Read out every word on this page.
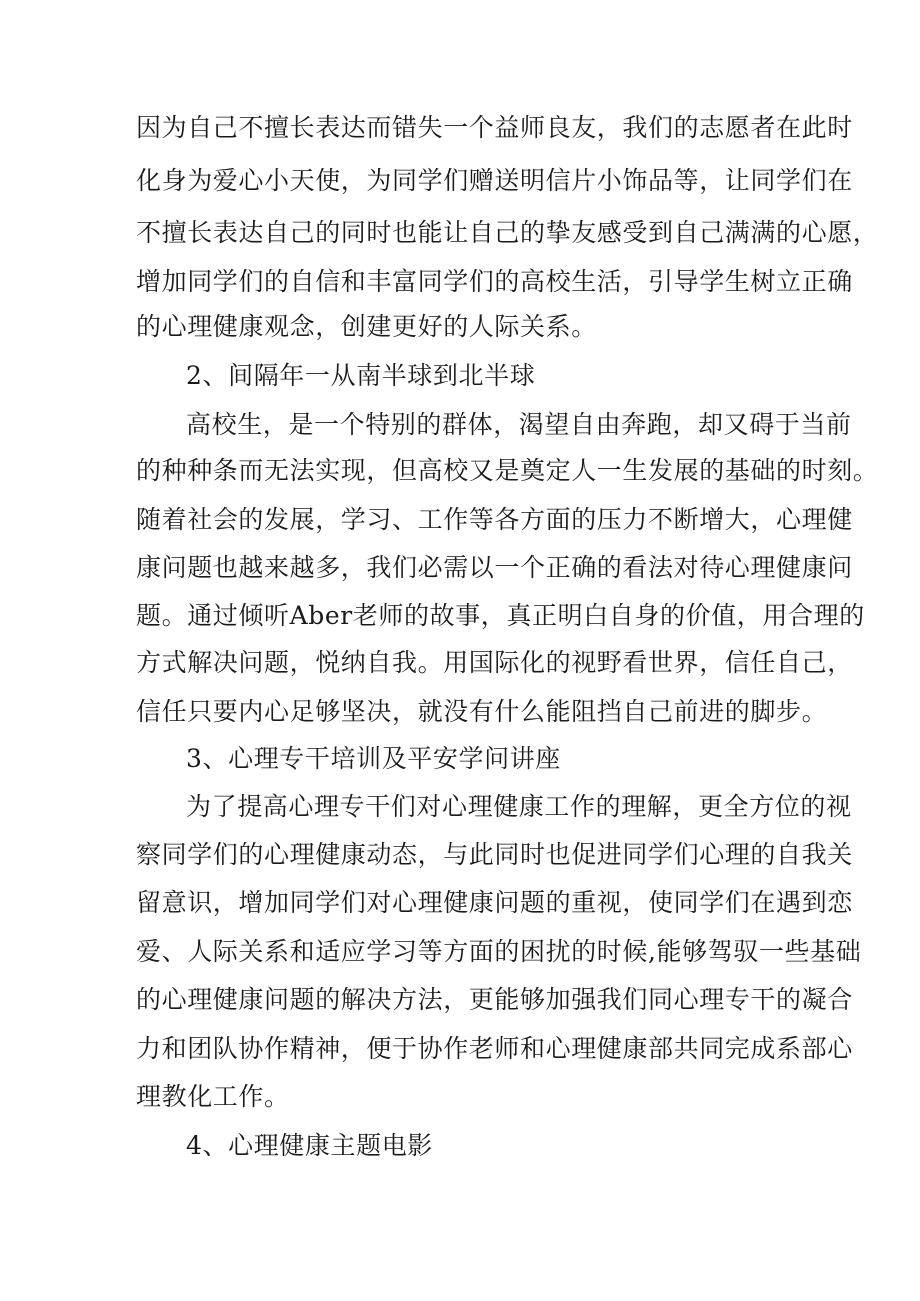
因为自己不擅长表达而错失一个益师良友，我们的志愿者在此时
化身为爱心小天使，为同学们赠送明信片小饰品等，让同学们在
不擅长表达自己的同时也能让自己的挚友感受到自己满满的心愿，
增加同学们的自信和丰富同学们的高校生活，引导学生树立正确
的心理健康观念，创建更好的人际关系。
2、间隔年一从南半球到北半球
高校生，是一个特别的群体，渴望自由奔跑，却又碍于当前
的种种条而无法实现，但高校又是奠定人一生发展的基础的时刻。
随着社会的发展，学习、工作等各方面的压力不断增大，心理健
康问题也越来越多，我们必需以一个正确的看法对待心理健康问
题。通过倾听Aber老师的故事，真正明白自身的价值，用合理的
方式解决问题，悦纳自我。用国际化的视野看世界，信任自己，
信任只要内心足够坚决，就没有什么能阻挡自己前进的脚步。
3、心理专干培训及平安学问讲座
为了提高心理专干们对心理健康工作的理解，更全方位的视
察同学们的心理健康动态，与此同时也促进同学们心理的自我关
留意识，增加同学们对心理健康问题的重视，使同学们在遇到恋
爱、人际关系和适应学习等方面的困扰的时候,能够驾驭一些基础
的心理健康问题的解决方法，更能够加强我们同心理专干的凝合
力和团队协作精神，便于协作老师和心理健康部共同完成系部心
理教化工作。
4、心理健康主题电影
